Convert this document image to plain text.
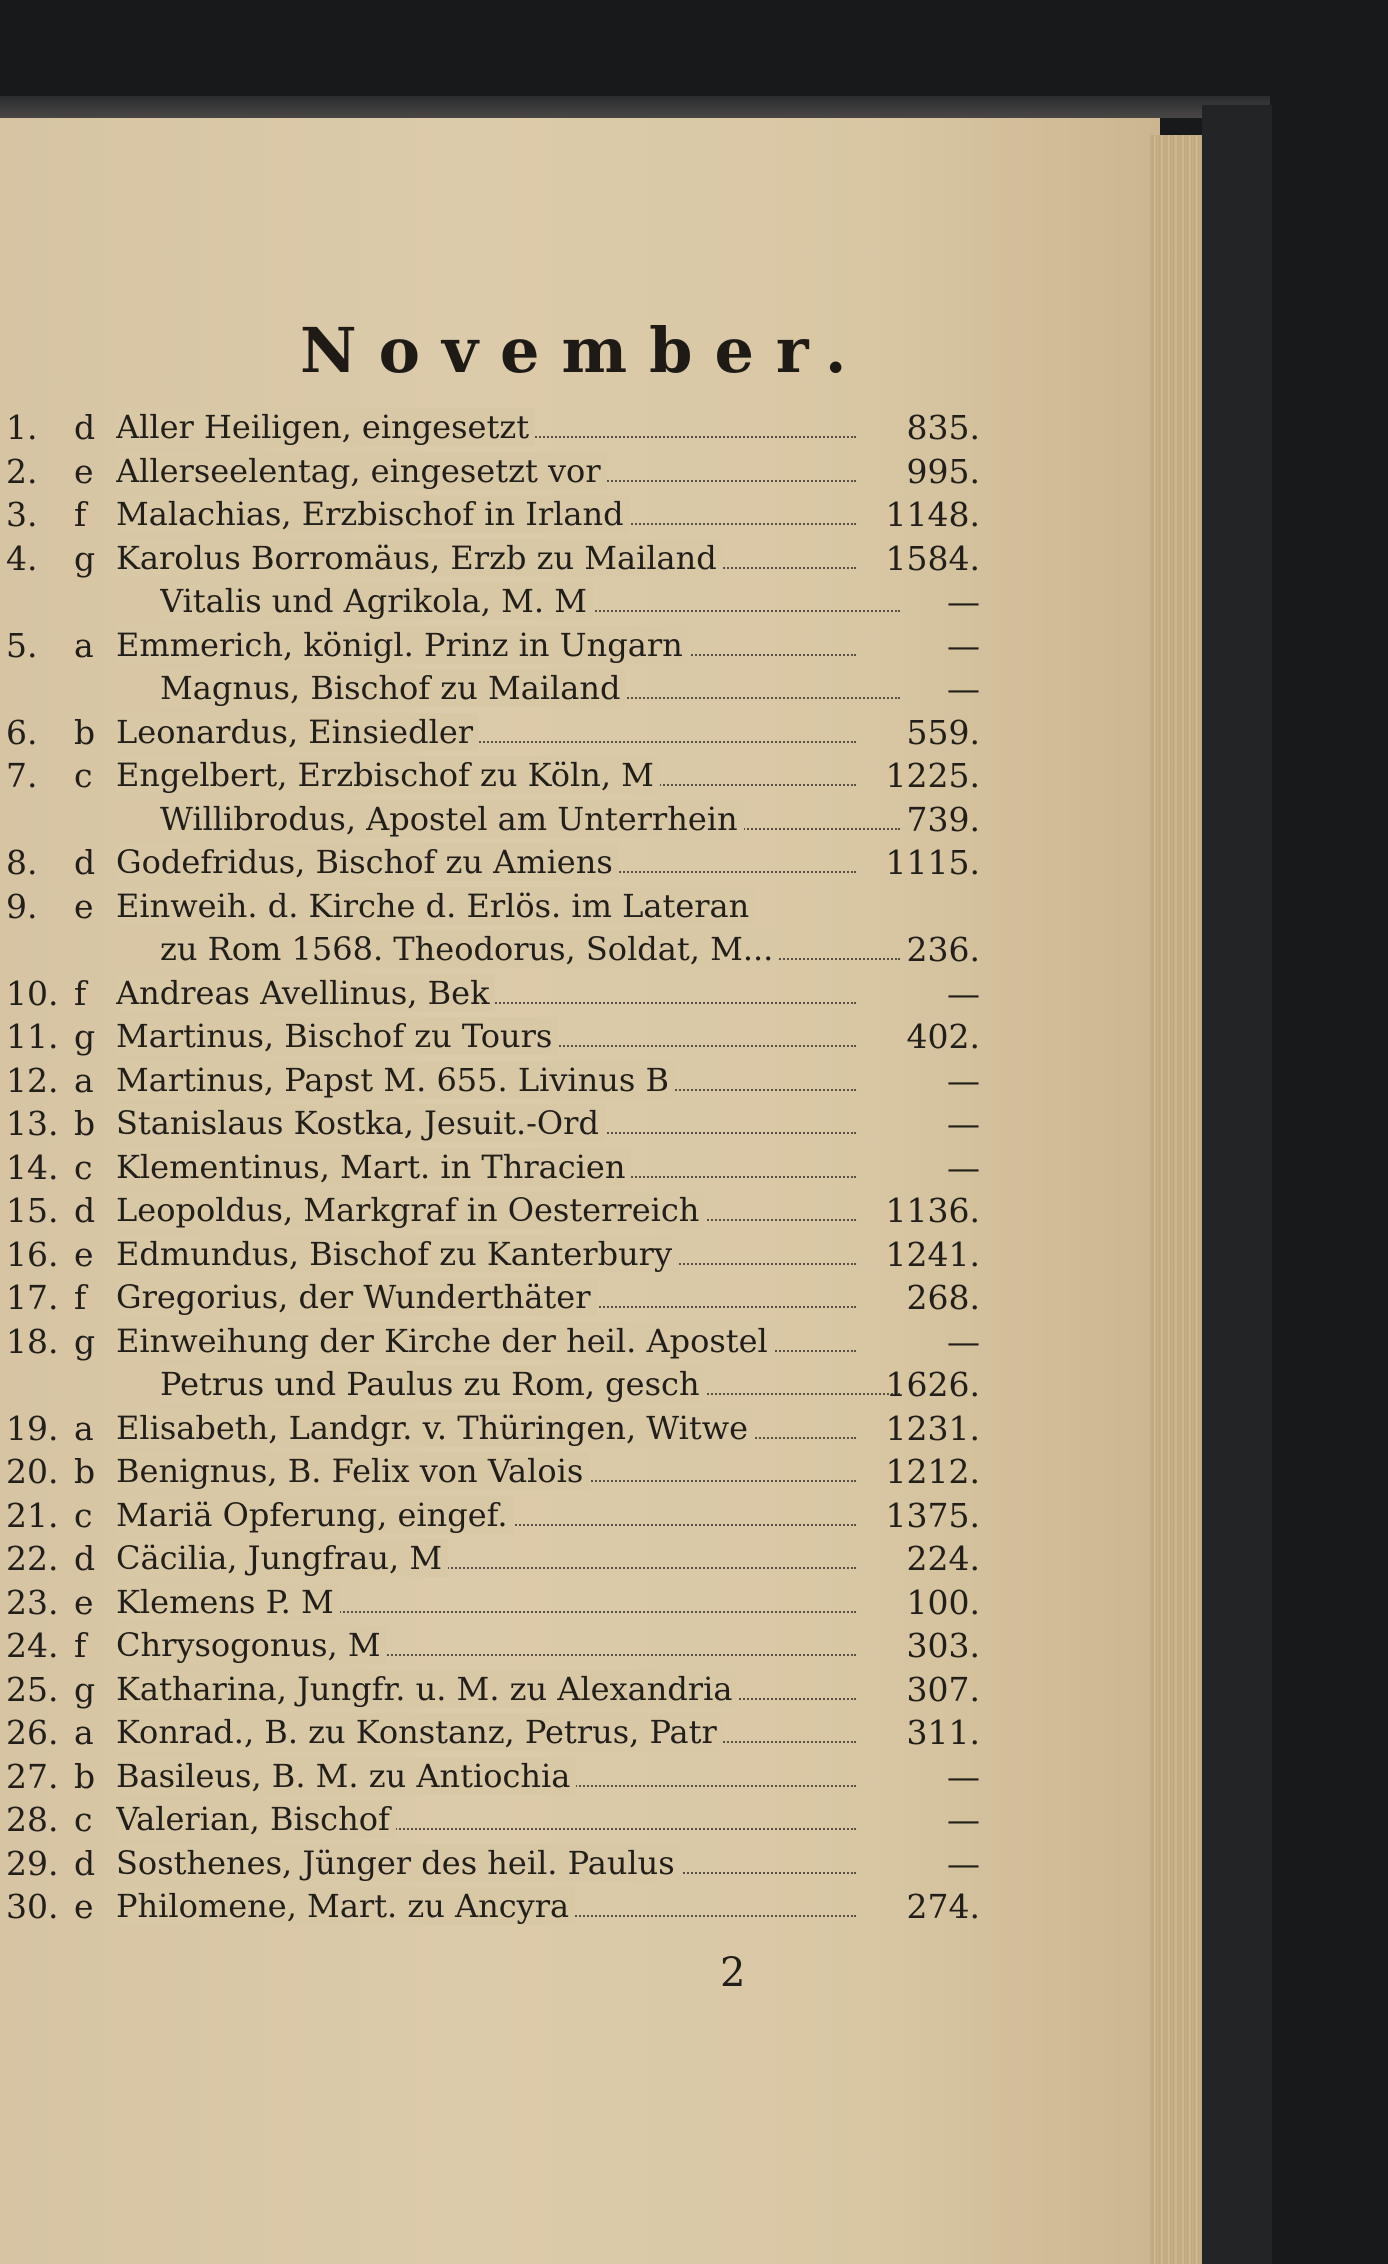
November.
1.	d Aller Heiligen, eingesetzt	835.
2.	e Allerseelentag, eingesetzt vor	995.
3.	f Malachias, Erzbischof in Irland	1148.
4.	g Karolus Borromäus, Erzb zu Mailand	1584.
Vitalis und Agrikola, M. M	—
5.	a Emmerich, königl. Prinz in Ungarn	—
Magnus, Bischof zu Mailand	—
6.	b Leonardus, Einsiedler	559.
7.	c Engelbert, Erzbischof zu Köln, M	1225.
Willibrodus, Apostel am Unterrhein	739.
8.	d Godefridus, Bischof zu Amiens	1115.
9.	e Einweih. d. Kirche d. Erlös. im Lateran
zu Rom 1568. Theodorus, Soldat, M...	236.
10. f Andreas Avellinus, Bek	—
11. g Martinus, Bischof zu Tours	402.
12. a Martinus, Papst M. 655. Livinus B	—
13. b Stanislaus Kostka, Jesuit.-Ord	—
14. c Klementinus, Mart. in Thracien	—
15. d Leopoldus, Markgraf in Oesterreich	1136.
16. e Edmundus, Bischof zu Kanterbury	1241.
17. f Gregorius, der Wunderthäter	268.
18. g Einweihung der Kirche der heil. Apostel	—
Petrus und Paulus zu Rom, gesch	1626.
19. a Elisabeth, Landgr. v. Thüringen, Witwe	1231.
20. b Benignus, B. Felix von Valois	1212.
21. c Mariä Opferung, eingef.	1375.
22. d Cäcilia, Jungfrau, M	224.
23. e Klemens P. M	100.
24. f Chrysogonus, M	303.
25. g Katharina, Jungfr. u. M. zu Alexandria	307.
26. a Konrad., B. zu Konstanz, Petrus, Patr	311.
27. b Basileus, B. M. zu Antiochia	—
28. c Valerian, Bischof	—
29. d Sosthenes, Jünger des heil. Paulus	—
30. e Philomene, Mart. zu Ancyra	274.
2
